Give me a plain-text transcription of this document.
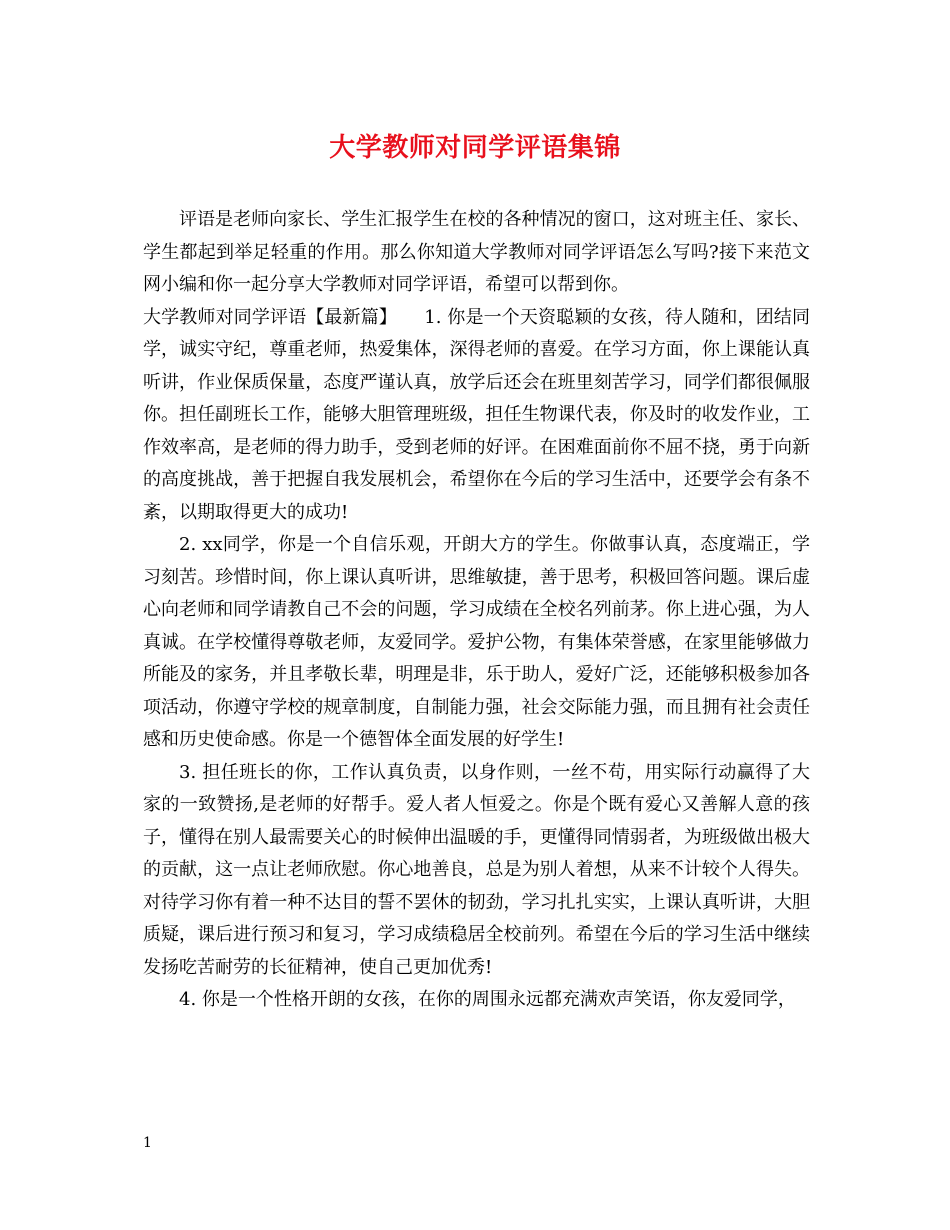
大学教师对同学评语集锦

评语是老师向家长、学生汇报学生在校的各种情况的窗口，这对班主任、家长、学生都起到举足轻重的作用。那么你知道大学教师对同学评语怎么写吗?接下来范文网小编和你一起分享大学教师对同学评语，希望可以帮到你。

大学教师对同学评语【最新篇】　　1. 你是一个天资聪颖的女孩，待人随和，团结同学，诚实守纪，尊重老师，热爱集体，深得老师的喜爱。在学习方面，你上课能认真听讲，作业保质保量，态度严谨认真，放学后还会在班里刻苦学习，同学们都很佩服你。担任副班长工作，能够大胆管理班级，担任生物课代表，你及时的收发作业，工作效率高，是老师的得力助手，受到老师的好评。在困难面前你不屈不挠，勇于向新的高度挑战，善于把握自我发展机会，希望你在今后的学习生活中，还要学会有条不紊，以期取得更大的成功!

2. xx同学，你是一个自信乐观，开朗大方的学生。你做事认真，态度端正，学习刻苦。珍惜时间，你上课认真听讲，思维敏捷，善于思考，积极回答问题。课后虚心向老师和同学请教自己不会的问题，学习成绩在全校名列前茅。你上进心强，为人真诚。在学校懂得尊敬老师，友爱同学。爱护公物，有集体荣誉感，在家里能够做力所能及的家务，并且孝敬长辈，明理是非，乐于助人，爱好广泛，还能够积极参加各项活动，你遵守学校的规章制度，自制能力强，社会交际能力强，而且拥有社会责任感和历史使命感。你是一个德智体全面发展的好学生!

3. 担任班长的你，工作认真负责，以身作则，一丝不苟，用实际行动赢得了大家的一致赞扬,是老师的好帮手。爱人者人恒爱之。你是个既有爱心又善解人意的孩子，懂得在别人最需要关心的时候伸出温暖的手，更懂得同情弱者，为班级做出极大的贡献，这一点让老师欣慰。你心地善良，总是为别人着想，从来不计较个人得失。对待学习你有着一种不达目的誓不罢休的韧劲，学习扎扎实实，上课认真听讲，大胆质疑，课后进行预习和复习，学习成绩稳居全校前列。希望在今后的学习生活中继续发扬吃苦耐劳的长征精神，使自己更加优秀!

4. 你是一个性格开朗的女孩，在你的周围永远都充满欢声笑语，你友爱同学，

1
